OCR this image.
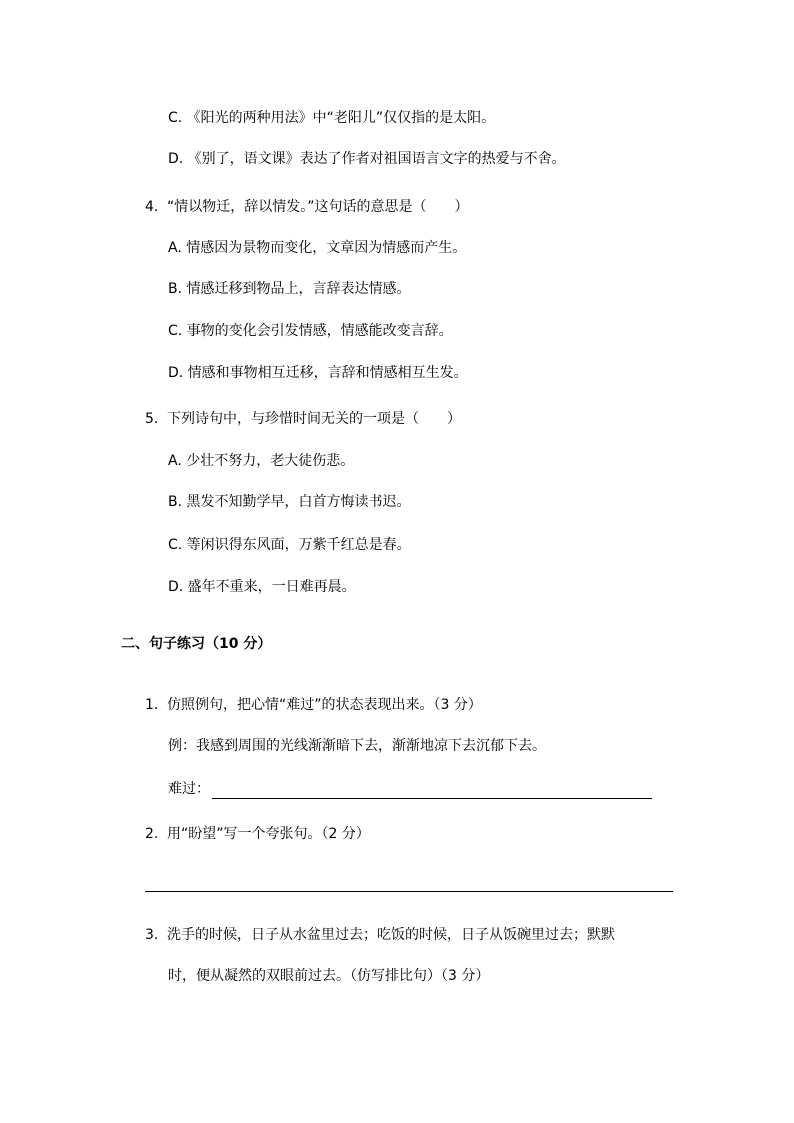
C. 《阳光的两种用法》中“老阳儿”仅仅指的是太阳。
D. 《别了，语文课》表达了作者对祖国语言文字的热爱与不舍。
4. “情以物迁，辞以情发。”这句话的意思是（　　）
A. 情感因为景物而变化，文章因为情感而产生。
B. 情感迁移到物品上，言辞表达情感。
C. 事物的变化会引发情感，情感能改变言辞。
D. 情感和事物相互迁移，言辞和情感相互生发。
5. 下列诗句中，与珍惜时间无关的一项是（　　）
A. 少壮不努力，老大徒伤悲。
B. 黑发不知勤学早，白首方悔读书迟。
C. 等闲识得东风面，万紫千红总是春。
D. 盛年不重来，一日难再晨。
二、句子练习（10 分）
1. 仿照例句，把心情“难过”的状态表现出来。（3 分）
例：我感到周围的光线渐渐暗下去，渐渐地凉下去沉郁下去。
难过：
2. 用“盼望”写一个夸张句。（2 分）
3. 洗手的时候，日子从水盆里过去；吃饭的时候，日子从饭碗里过去；默默
时，便从凝然的双眼前过去。（仿写排比句）（3 分）
